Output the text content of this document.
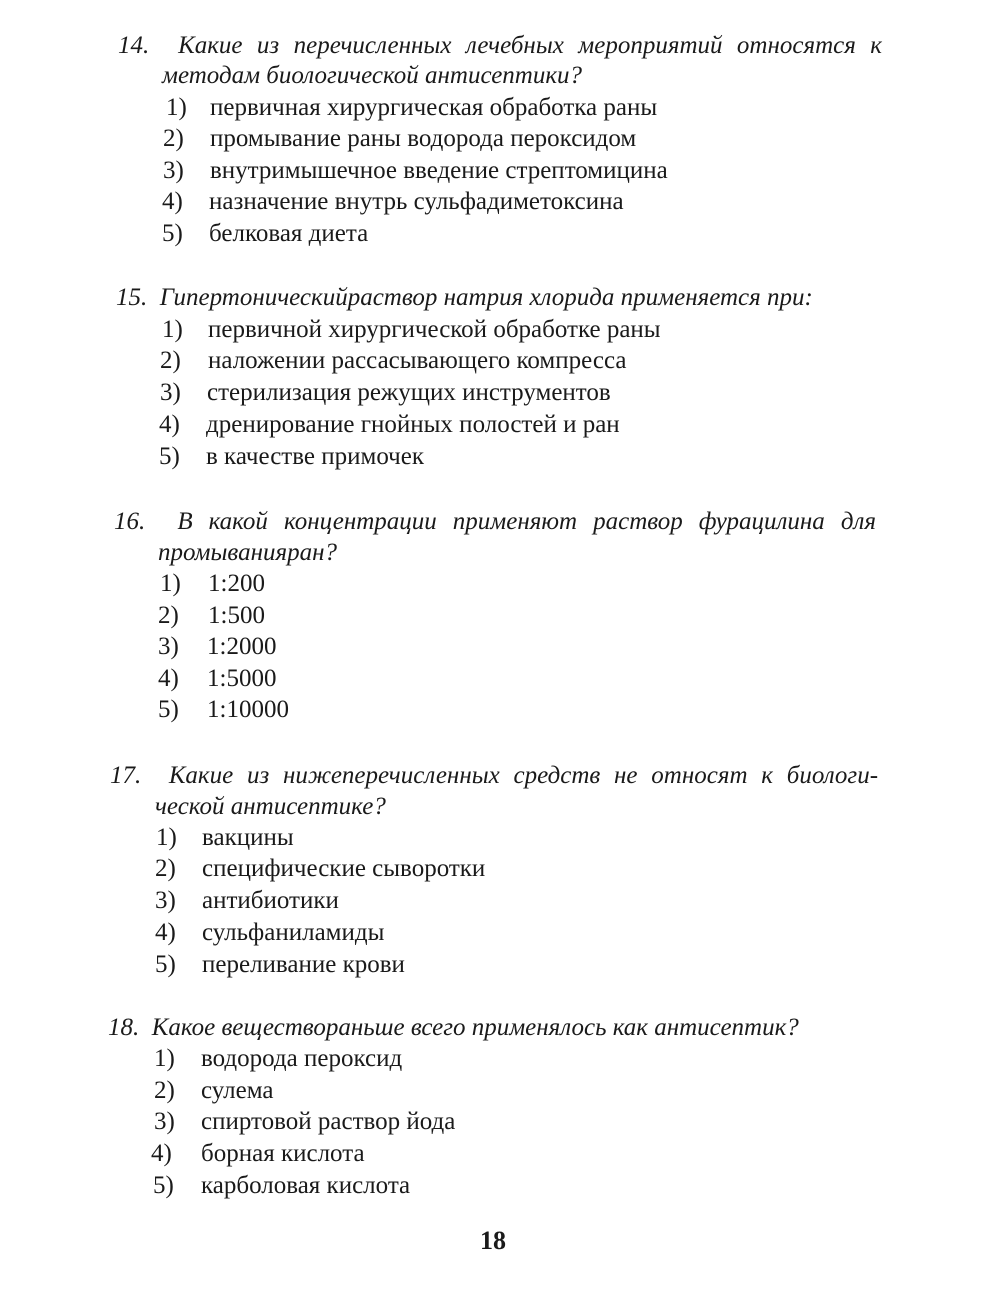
14. Какие из перечисленных лечебных мероприятий относятся к
методам биологической антисептики?
1) первичная хирургическая обработка раны
2) промывание раны водорода пероксидом
3) внутримышечное введение стрептомицина
4) назначение внутрь сульфадиметоксина
5) белковая диета
15. Гипертоническийраствор натрия хлорида применяется при:
1) первичной хирургической обработке раны
2) наложении рассасывающего компресса
3) стерилизация режущих инструментов
4) дренирование гнойных полостей и ран
5) в качестве примочек
16. В какой концентрации применяют раствор фурацилина для
промыванияран?
1) 1:200
2) 1:500
3) 1:2000
4) 1:5000
5) 1:10000
17. Какие из нижеперечисленных средств не относят к биологи-
ческой антисептике?
1) вакцины
2) специфические сыворотки
3) антибиотики
4) сульфаниламиды
5) переливание крови
18. Какое веществораньше всего применялось как антисептик?
1) водорода пероксид
2) сулема
3) спиртовой раствор йода
4) борная кислота
5) карболовая кислота
18
